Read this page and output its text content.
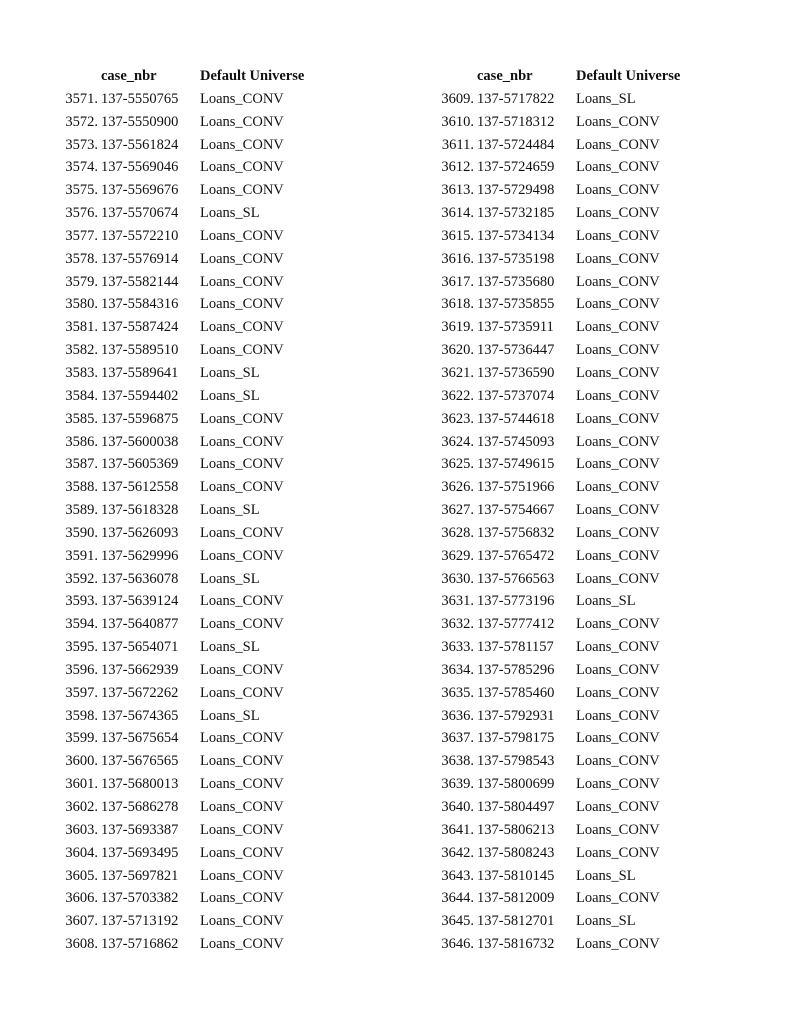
	case_nbr	Default Universe
3571.	137-5550765	Loans_CONV
3572.	137-5550900	Loans_CONV
3573.	137-5561824	Loans_CONV
3574.	137-5569046	Loans_CONV
3575.	137-5569676	Loans_CONV
3576.	137-5570674	Loans_SL
3577.	137-5572210	Loans_CONV
3578.	137-5576914	Loans_CONV
3579.	137-5582144	Loans_CONV
3580.	137-5584316	Loans_CONV
3581.	137-5587424	Loans_CONV
3582.	137-5589510	Loans_CONV
3583.	137-5589641	Loans_SL
3584.	137-5594402	Loans_SL
3585.	137-5596875	Loans_CONV
3586.	137-5600038	Loans_CONV
3587.	137-5605369	Loans_CONV
3588.	137-5612558	Loans_CONV
3589.	137-5618328	Loans_SL
3590.	137-5626093	Loans_CONV
3591.	137-5629996	Loans_CONV
3592.	137-5636078	Loans_SL
3593.	137-5639124	Loans_CONV
3594.	137-5640877	Loans_CONV
3595.	137-5654071	Loans_SL
3596.	137-5662939	Loans_CONV
3597.	137-5672262	Loans_CONV
3598.	137-5674365	Loans_SL
3599.	137-5675654	Loans_CONV
3600.	137-5676565	Loans_CONV
3601.	137-5680013	Loans_CONV
3602.	137-5686278	Loans_CONV
3603.	137-5693387	Loans_CONV
3604.	137-5693495	Loans_CONV
3605.	137-5697821	Loans_CONV
3606.	137-5703382	Loans_CONV
3607.	137-5713192	Loans_CONV
3608.	137-5716862	Loans_CONV
	case_nbr	Default Universe
3609.	137-5717822	Loans_SL
3610.	137-5718312	Loans_CONV
3611.	137-5724484	Loans_CONV
3612.	137-5724659	Loans_CONV
3613.	137-5729498	Loans_CONV
3614.	137-5732185	Loans_CONV
3615.	137-5734134	Loans_CONV
3616.	137-5735198	Loans_CONV
3617.	137-5735680	Loans_CONV
3618.	137-5735855	Loans_CONV
3619.	137-5735911	Loans_CONV
3620.	137-5736447	Loans_CONV
3621.	137-5736590	Loans_CONV
3622.	137-5737074	Loans_CONV
3623.	137-5744618	Loans_CONV
3624.	137-5745093	Loans_CONV
3625.	137-5749615	Loans_CONV
3626.	137-5751966	Loans_CONV
3627.	137-5754667	Loans_CONV
3628.	137-5756832	Loans_CONV
3629.	137-5765472	Loans_CONV
3630.	137-5766563	Loans_CONV
3631.	137-5773196	Loans_SL
3632.	137-5777412	Loans_CONV
3633.	137-5781157	Loans_CONV
3634.	137-5785296	Loans_CONV
3635.	137-5785460	Loans_CONV
3636.	137-5792931	Loans_CONV
3637.	137-5798175	Loans_CONV
3638.	137-5798543	Loans_CONV
3639.	137-5800699	Loans_CONV
3640.	137-5804497	Loans_CONV
3641.	137-5806213	Loans_CONV
3642.	137-5808243	Loans_CONV
3643.	137-5810145	Loans_SL
3644.	137-5812009	Loans_CONV
3645.	137-5812701	Loans_SL
3646.	137-5816732	Loans_CONV
